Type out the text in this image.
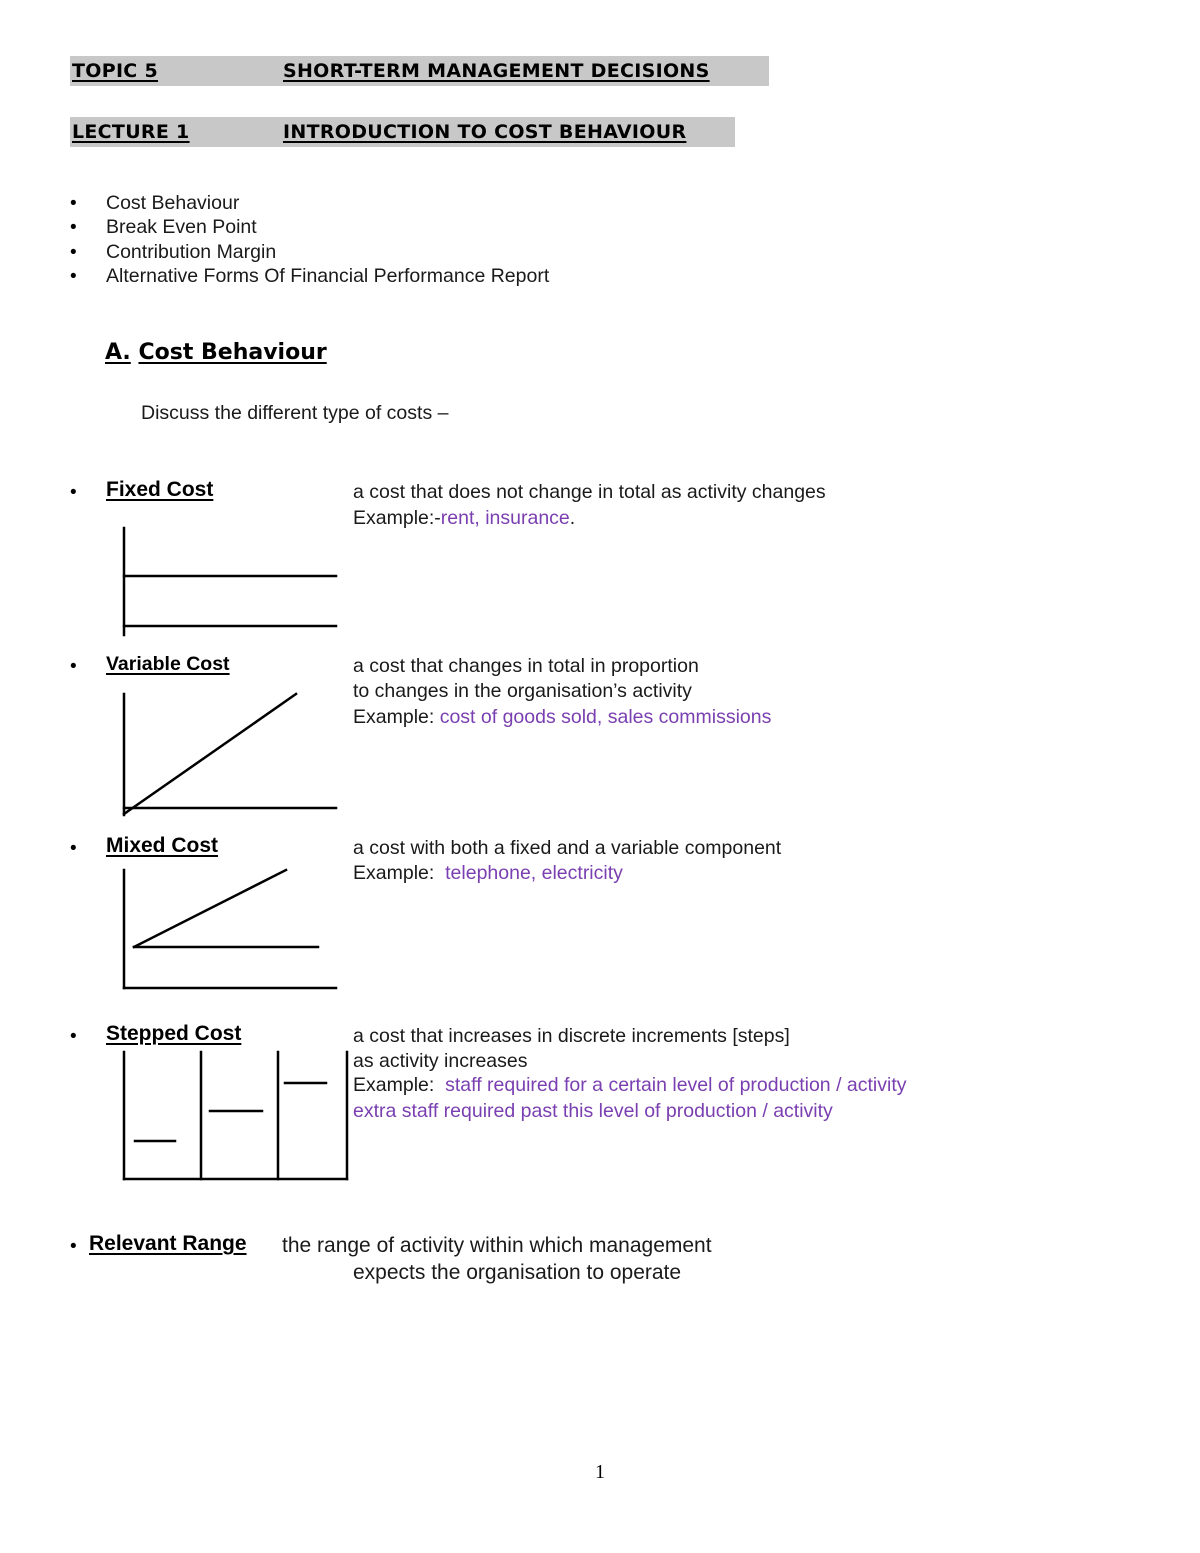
TOPIC 5	SHORT-TERM MANAGEMENT DECISIONS
LECTURE 1	INTRODUCTION TO COST BEHAVIOUR
• Cost Behaviour
• Break Even Point
• Contribution Margin
• Alternative Forms Of Financial Performance Report
A. Cost Behaviour
Discuss the different type of costs –
• Fixed Cost	a cost that does not change in total as activity changes
Example:-rent, insurance.
• Variable Cost	a cost that changes in total in proportion
to changes in the organisation’s activity
Example: cost of goods sold, sales commissions
• Mixed Cost	a cost with both a fixed and a variable component
Example:  telephone, electricity
• Stepped Cost	a cost that increases in discrete increments [steps]
as activity increases
Example:  staff required for a certain level of production / activity
extra staff required past this level of production / activity
• Relevant Range the range of activity within which management
expects the organisation to operate
1
